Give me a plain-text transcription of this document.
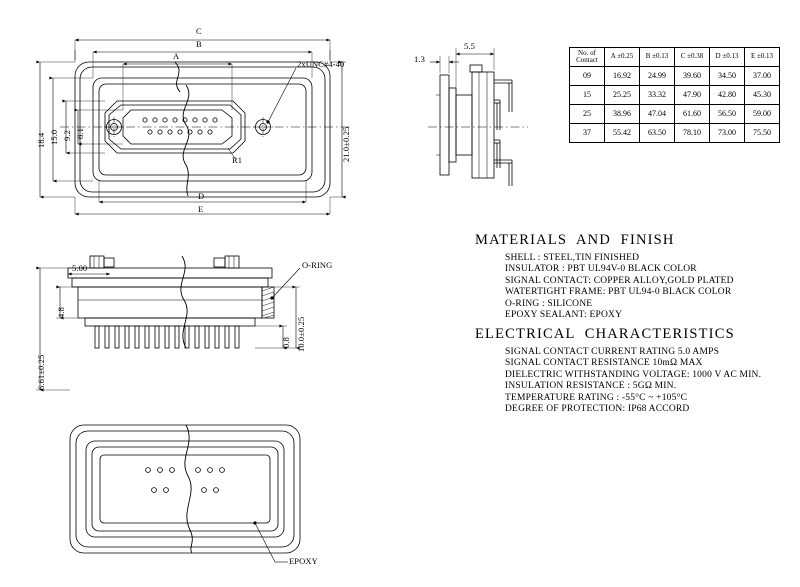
C
B
A
D
E
18.4 15.0 9.2 8.1	21.0±0.25
R1
2xUNC#4-40	1.3
5.5
5.00
4.8
6.61±0.25
0.8 10.0±0.25
O-RING
EPOXY
No. of
Contact	A ±0.25	B ±0.13	C ±0.38	D ±0.13	E ±0.13
09	16.92	24.99	39.60	34.50	37.00
15	25.25	33.32	47.90	42.80	45.30
25	38.96	47.04	61.60	56.50	59.00
37	55.42	63.50	78.10	73.00	75.50
MATERIALS  AND  FINISH
SHELL : STEEL,TIN FINISHED
INSULATOR : PBT UL94V-0 BLACK COLOR
SIGNAL CONTACT: COPPER ALLOY,GOLD PLATED
WATERTIGHT FRAME: PBT UL94-0 BLACK COLOR
O-RING : SILICONE
EPOXY SEALANT: EPOXY
ELECTRICAL  CHARACTERISTICS
SIGNAL CONTACT CURRENT RATING 5.0 AMPS
SIGNAL CONTACT RESISTANCE 10mΩ MAX
DIELECTRIC WITHSTANDING VOLTAGE: 1000 V AC MIN.
INSULATION RESISTANCE : 5GΩ MIN.
TEMPERATURE RATING : -55°C ~ +105°C
DEGREE OF PROTECTION: IP68 ACCORD
